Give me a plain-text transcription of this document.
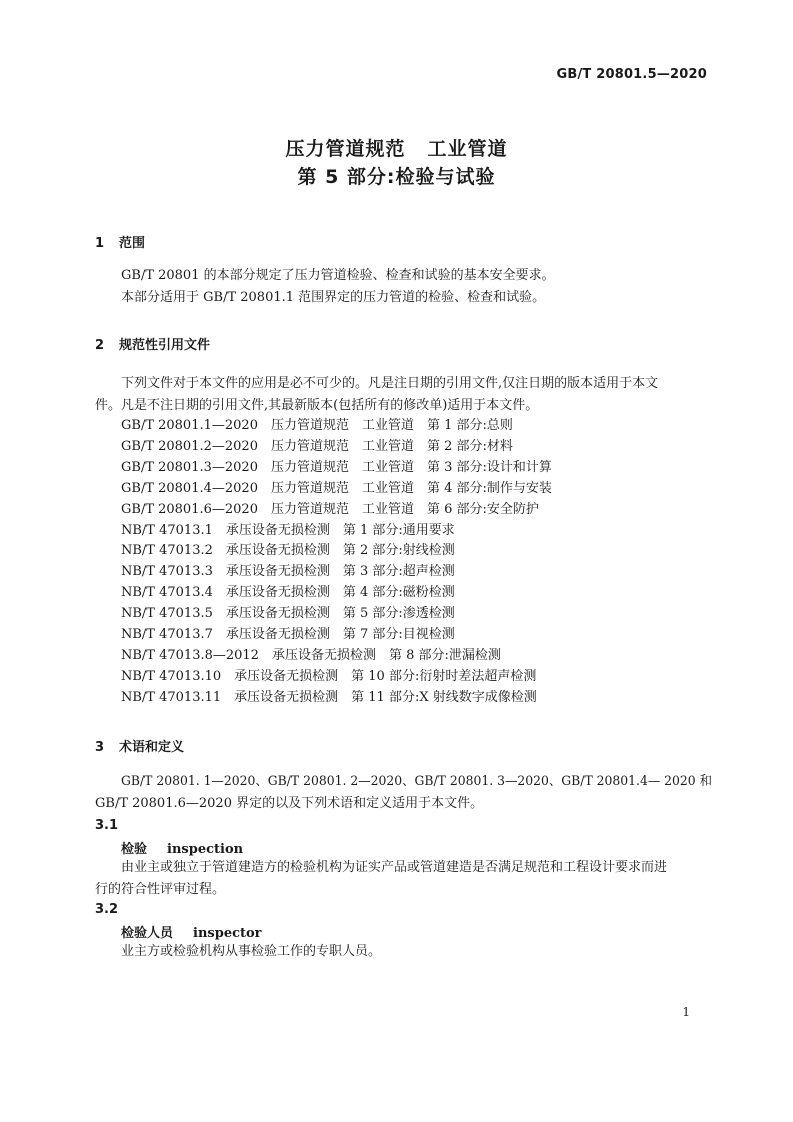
GB/T 20801.5—2020
压力管道规范 工业管道
第 5 部分:检验与试验
1 范围
GB/T 20801 的本部分规定了压力管道检验、检查和试验的基本安全要求。
本部分适用于 GB/T 20801.1 范围界定的压力管道的检验、检查和试验。
2 规范性引用文件
下列文件对于本文件的应用是必不可少的。凡是注日期的引用文件,仅注日期的版本适用于本文
件。凡是不注日期的引用文件,其最新版本(包括所有的修改单)适用于本文件。
GB/T 20801.1—2020　 压力管道规范　工业管道　第 1 部分:总则
GB/T 20801.2—2020　 压力管道规范　工业管道　第 2 部分:材料
GB/T 20801.3—2020　 压力管道规范　工业管道　第 3 部分:设计和计算
GB/T 20801.4—2020　 压力管道规范　工业管道　第 4 部分:制作与安装
GB/T 20801.6—2020　 压力管道规范　工业管道　第 6 部分:安全防护
NB/T 47013.1　 承压设备无损检测　第 1 部分:通用要求
NB/T 47013.2　 承压设备无损检测　第 2 部分:射线检测
NB/T 47013.3　 承压设备无损检测　第 3 部分:超声检测
NB/T 47013.4　 承压设备无损检测　第 4 部分:磁粉检测
NB/T 47013.5　 承压设备无损检测　第 5 部分:渗透检测
NB/T 47013.7　 承压设备无损检测　第 7 部分:目视检测
NB/T 47013.8—2012　 承压设备无损检测　第 8 部分:泄漏检测
NB/T 47013.10　 承压设备无损检测　第 10 部分:衍射时差法超声检测
NB/T 47013.11　 承压设备无损检测　第 11 部分:X 射线数字成像检测
3 术语和定义
GB/T 20801. 1—2020、GB/T 20801. 2—2020、GB/T 20801. 3—2020、GB/T 20801.4— 2020 和
GB/T 20801.6—2020 界定的以及下列术语和定义适用于本文件。
3.1
检验 inspection
由业主或独立于管道建造方的检验机构为证实产品或管道建造是否满足规范和工程设计要求而进
行的符合性评审过程。
3.2
检验人员 inspector
业主方或检验机构从事检验工作的专职人员。
1
